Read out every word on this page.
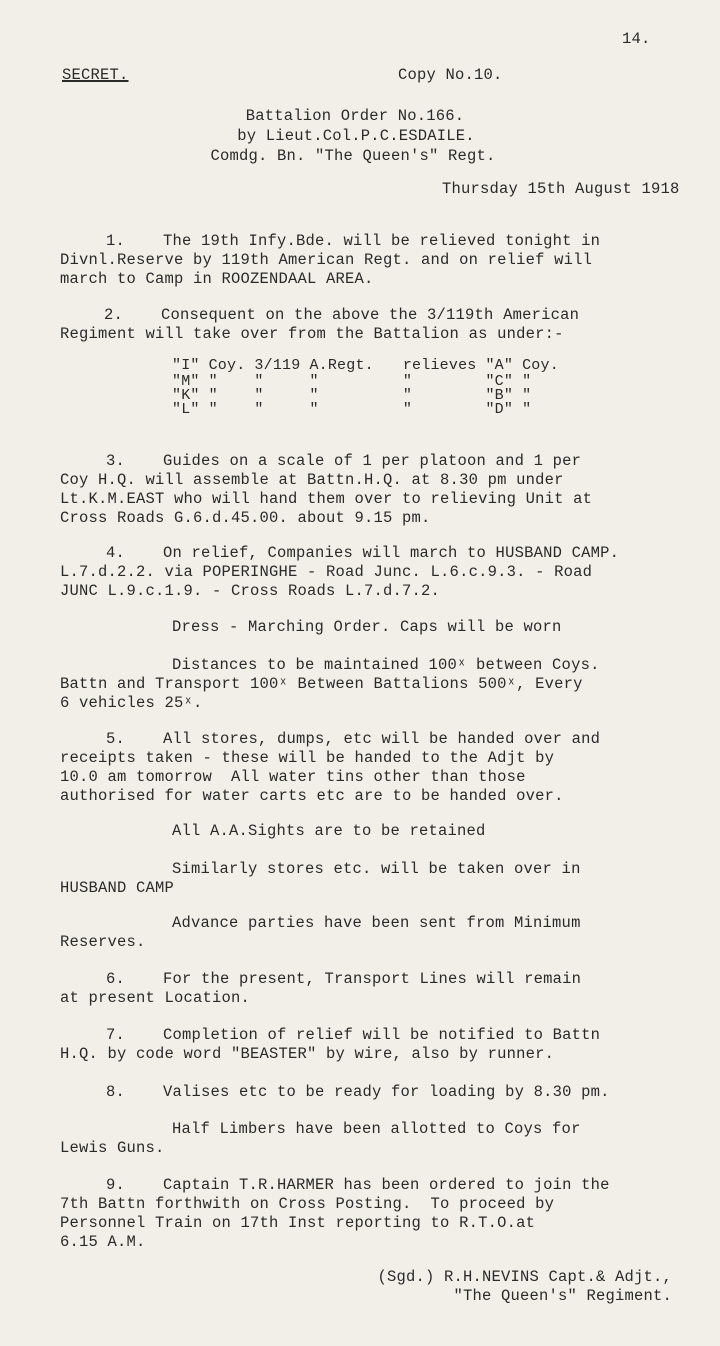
14.
SECRET.	Copy No.10.
Battalion Order No.166.
by Lieut.Col.P.C.ESDAILE.
Comdg. Bn. "The Queen's" Regt.
Thursday 15th August 1918
1.    The 19th Infy.Bde. will be relieved tonight in
Divnl.Reserve by 119th American Regt. and on relief will
march to Camp in ROOZENDAAL AREA.
2.    Consequent on the above the 3/119th American
Regiment will take over from the Battalion as under:-
"I"	Coy.	3/119	A.Regt.	relieves	"A"	Coy.
"M"	"	"	"	"	"C"	"
"K"	"	"	"	"	"B"	"
"L"	"	"	"	"	"D"	"
3.    Guides on a scale of 1 per platoon and 1 per
Coy H.Q. will assemble at Battn.H.Q. at 8.30 pm under
Lt.K.M.EAST who will hand them over to relieving Unit at
Cross Roads G.6.d.45.00. about 9.15 pm.
4.    On relief, Companies will march to HUSBAND CAMP.
L.7.d.2.2. via POPERINGHE - Road Junc. L.6.c.9.3. - Road
JUNC L.9.c.1.9. - Cross Roads L.7.d.7.2.
Dress - Marching Order. Caps will be worn
Distances to be maintained 100ˣ between Coys.
Battn and Transport 100ˣ Between Battalions 500ˣ, Every
6 vehicles 25ˣ.
5.    All stores, dumps, etc will be handed over and
receipts taken - these will be handed to the Adjt by
10.0 am tomorrow  All water tins other than those
authorised for water carts etc are to be handed over.
All A.A.Sights are to be retained
Similarly stores etc. will be taken over in
HUSBAND CAMP
Advance parties have been sent from Minimum
Reserves.
6.    For the present, Transport Lines will remain
at present Location.
7.    Completion of relief will be notified to Battn
H.Q. by code word "BEASTER" by wire, also by runner.
8.    Valises etc to be ready for loading by 8.30 pm.
Half Limbers have been allotted to Coys for
Lewis Guns.
9.    Captain T.R.HARMER has been ordered to join the
7th Battn forthwith on Cross Posting.  To proceed by
Personnel Train on 17th Inst reporting to R.T.O.at
6.15 A.M.
(Sgd.) R.H.NEVINS Capt.& Adjt.,
"The Queen's" Regiment.
